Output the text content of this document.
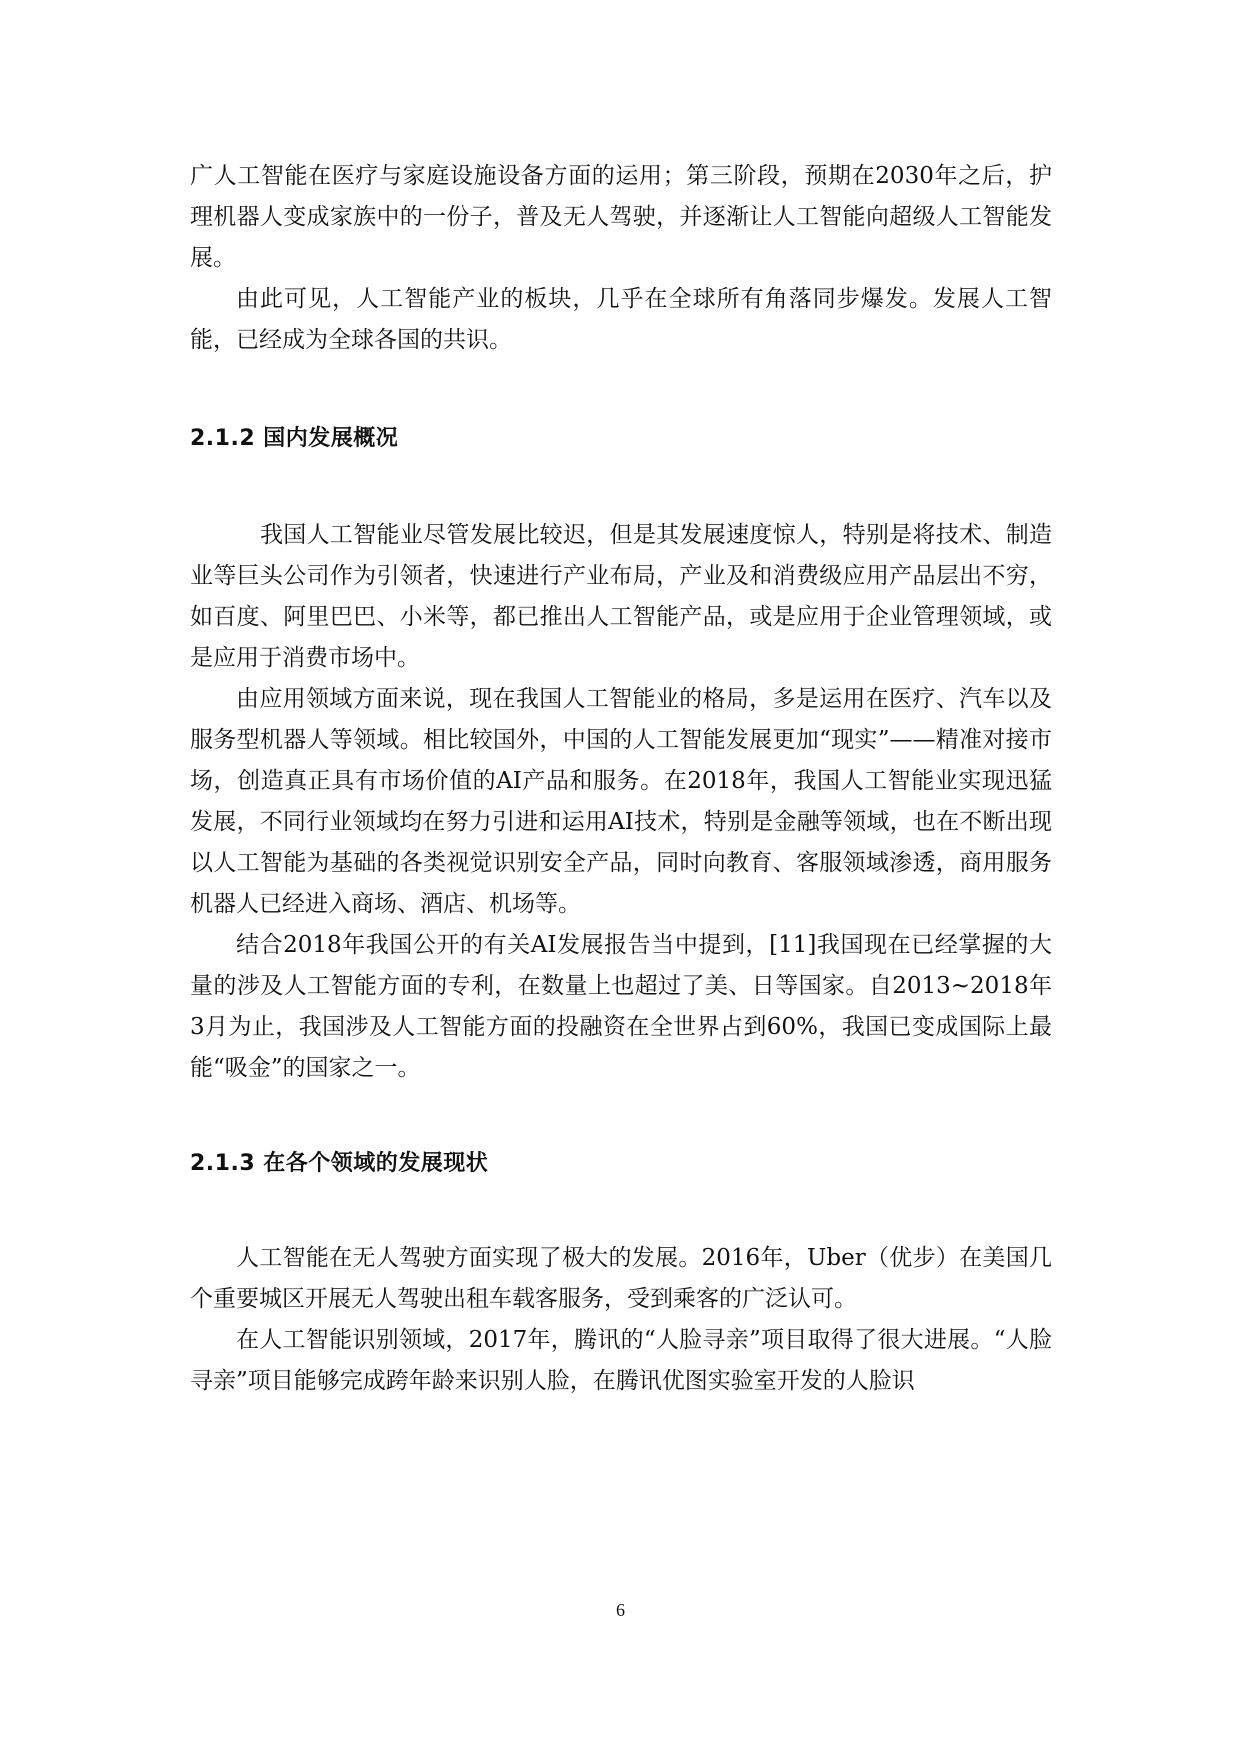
广人工智能在医疗与家庭设施设备方面的运用；第三阶段，预期在2030年之后，护理机器人变成家族中的一份子，普及无人驾驶，并逐渐让人工智能向超级人工智能发展。

由此可见，人工智能产业的板块，几乎在全球所有角落同步爆发。发展人工智能，已经成为全球各国的共识。

2.1.2 国内发展概况

我国人工智能业尽管发展比较迟，但是其发展速度惊人，特别是将技术、制造业等巨头公司作为引领者，快速进行产业布局，产业及和消费级应用产品层出不穷，如百度、阿里巴巴、小米等，都已推出人工智能产品，或是应用于企业管理领域，或是应用于消费市场中。

由应用领域方面来说，现在我国人工智能业的格局，多是运用在医疗、汽车以及服务型机器人等领域。相比较国外，中国的人工智能发展更加“现实”——精准对接市场，创造真正具有市场价值的AI产品和服务。在2018年，我国人工智能业实现迅猛发展，不同行业领域均在努力引进和运用AI技术，特别是金融等领域，也在不断出现以人工智能为基础的各类视觉识别安全产品，同时向教育、客服领域渗透，商用服务机器人已经进入商场、酒店、机场等。

结合2018年我国公开的有关AI发展报告当中提到，[11]我国现在已经掌握的大量的涉及人工智能方面的专利，在数量上也超过了美、日等国家。自2013~2018年3月为止，我国涉及人工智能方面的投融资在全世界占到60%，我国已变成国际上最能“吸金”的国家之一。

2.1.3 在各个领域的发展现状

人工智能在无人驾驶方面实现了极大的发展。2016年，Uber（优步）在美国几个重要城区开展无人驾驶出租车载客服务，受到乘客的广泛认可。

在人工智能识别领域，2017年，腾讯的“人脸寻亲”项目取得了很大进展。“人脸寻亲”项目能够完成跨年龄来识别人脸，在腾讯优图实验室开发的人脸识

6
